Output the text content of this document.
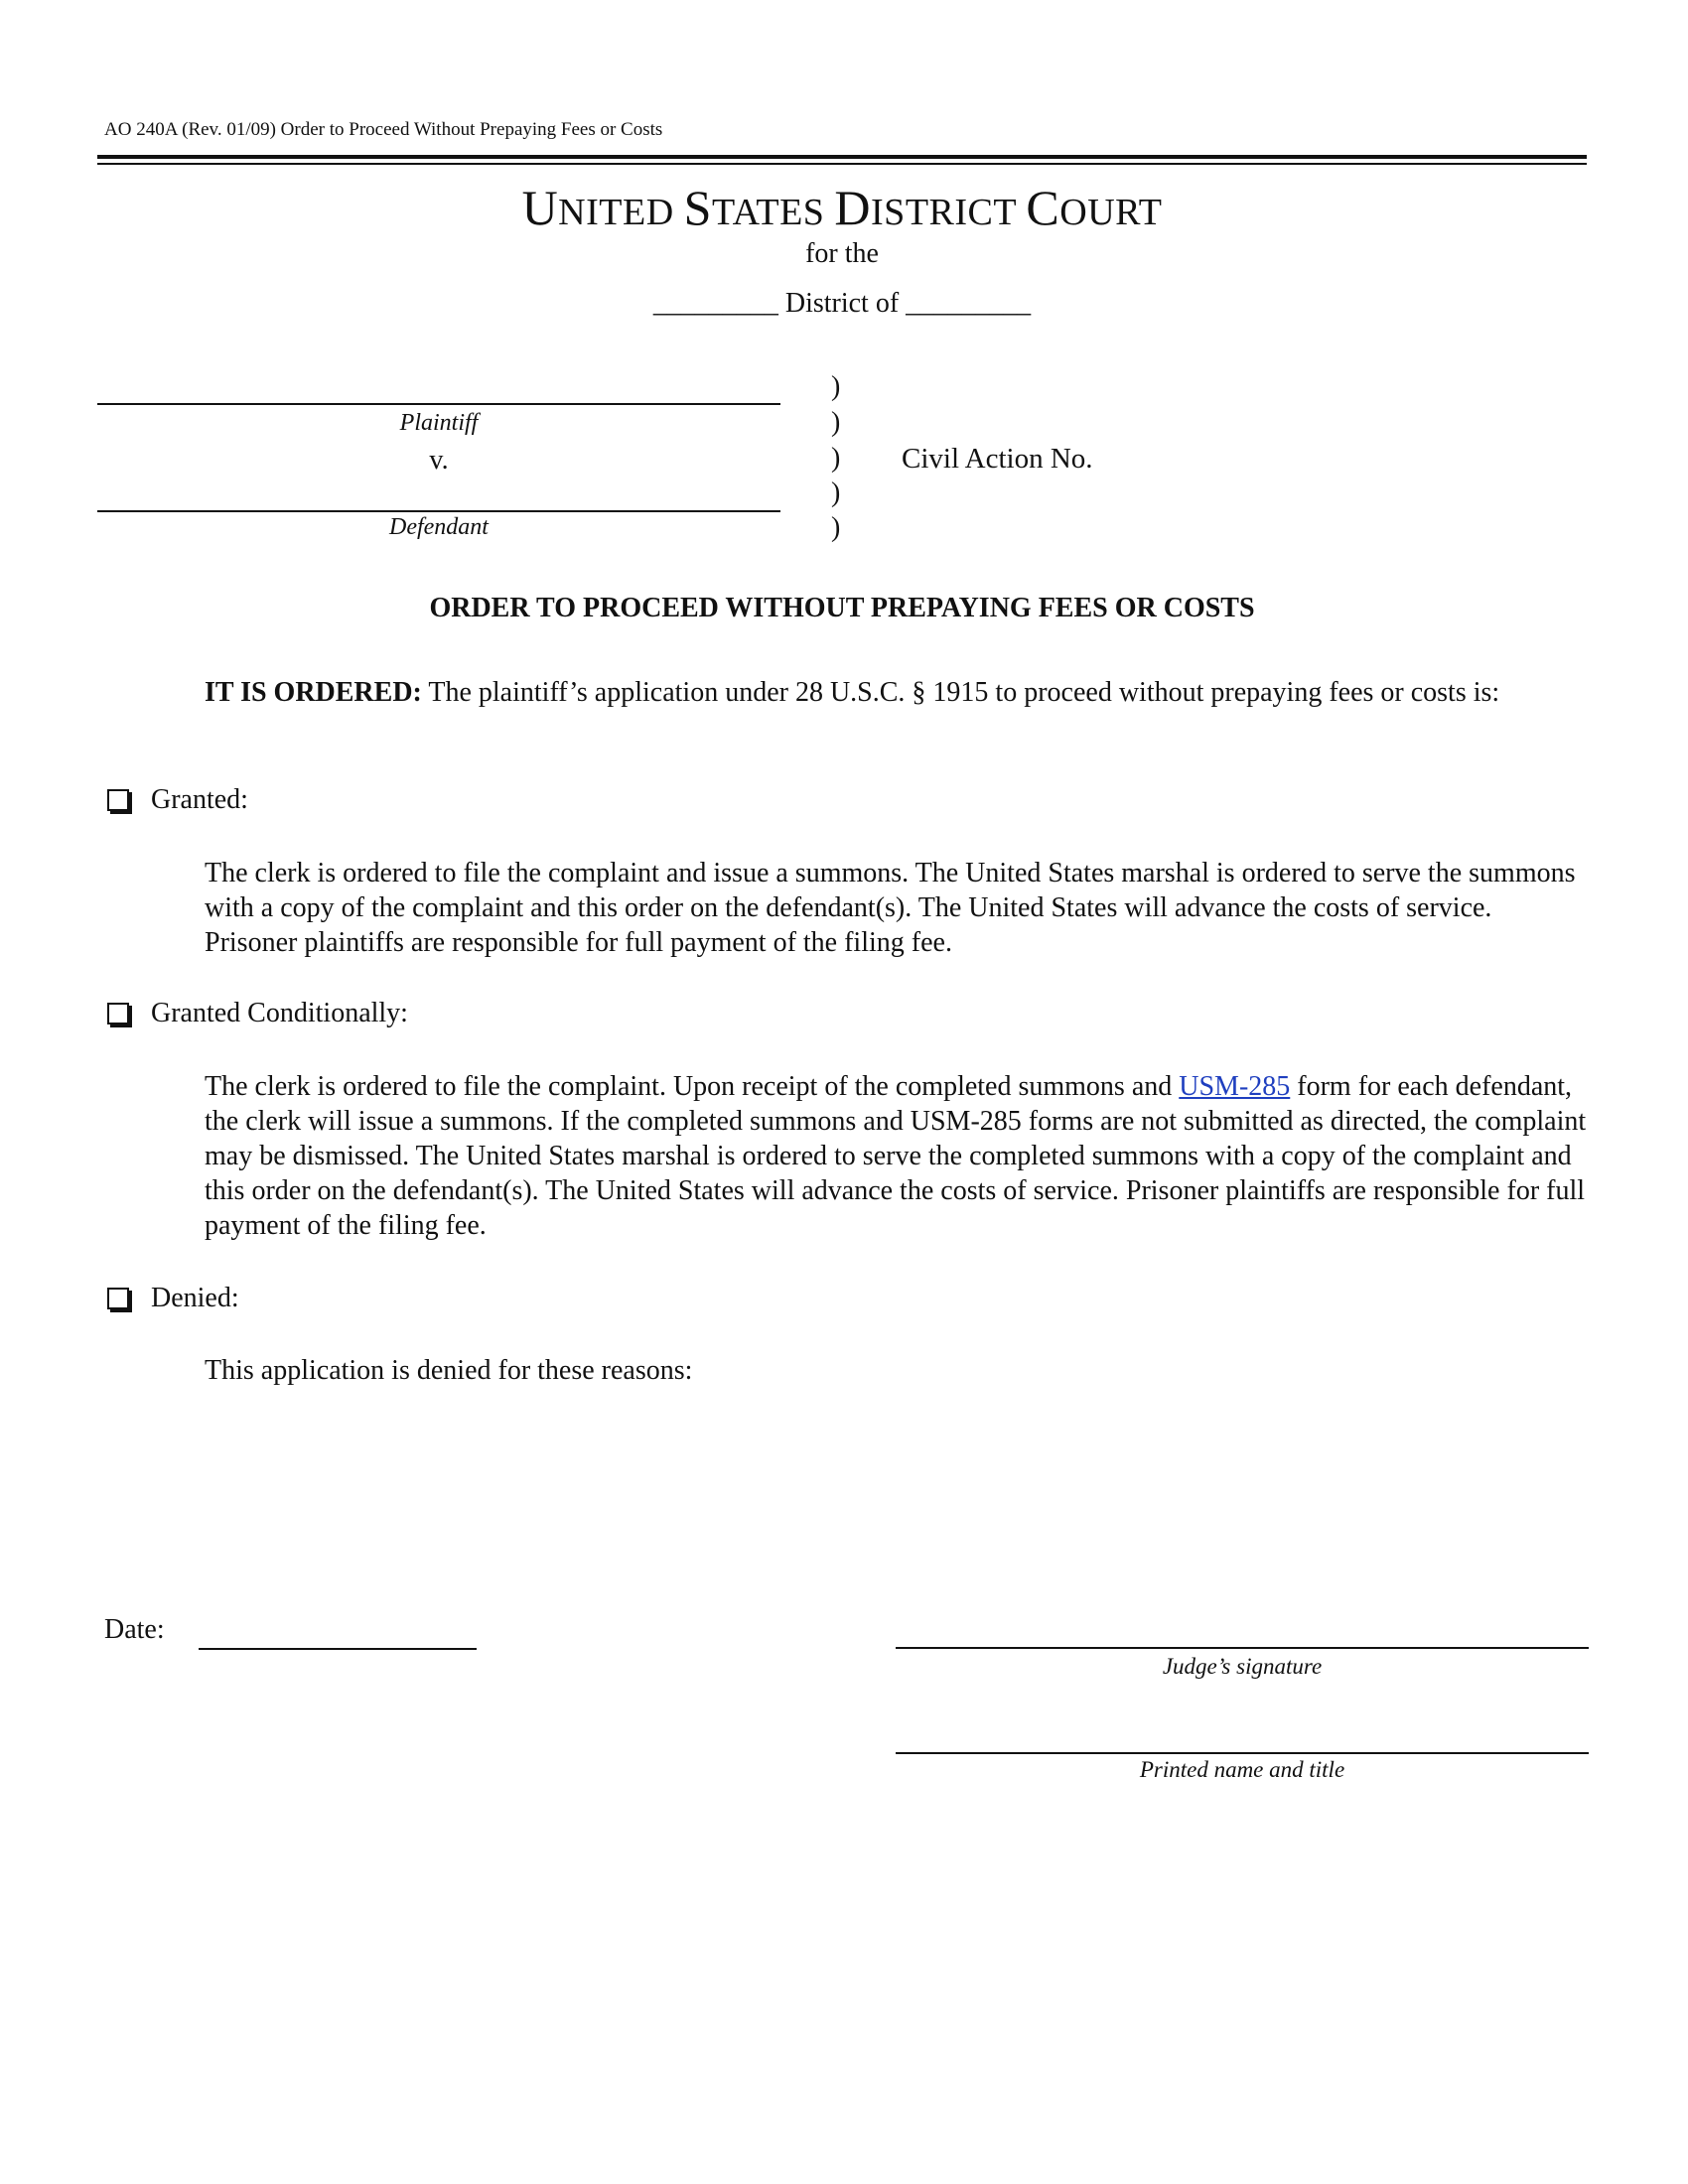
AO 240A (Rev. 01/09) Order to Proceed Without Prepaying Fees or Costs
UNITED STATES DISTRICT COURT
for the
_________ District of _________
Plaintiff
v.
Defendant
)
)
)
)
)
Civil Action No.
ORDER TO PROCEED WITHOUT PREPAYING FEES OR COSTS
IT IS ORDERED: The plaintiff’s application under 28 U.S.C. § 1915 to proceed without prepaying fees or costs is:
Granted:
The clerk is ordered to file the complaint and issue a summons. The United States marshal is ordered to serve the summons with a copy of the complaint and this order on the defendant(s). The United States will advance the costs of service. Prisoner plaintiffs are responsible for full payment of the filing fee.
Granted Conditionally:
The clerk is ordered to file the complaint. Upon receipt of the completed summons and USM-285 form for each defendant, the clerk will issue a summons. If the completed summons and USM-285 forms are not submitted as directed, the complaint may be dismissed. The United States marshal is ordered to serve the completed summons with a copy of the complaint and this order on the defendant(s). The United States will advance the costs of service. Prisoner plaintiffs are responsible for full payment of the filing fee.
Denied:
This application is denied for these reasons:
Date:
Judge’s signature
Printed name and title
